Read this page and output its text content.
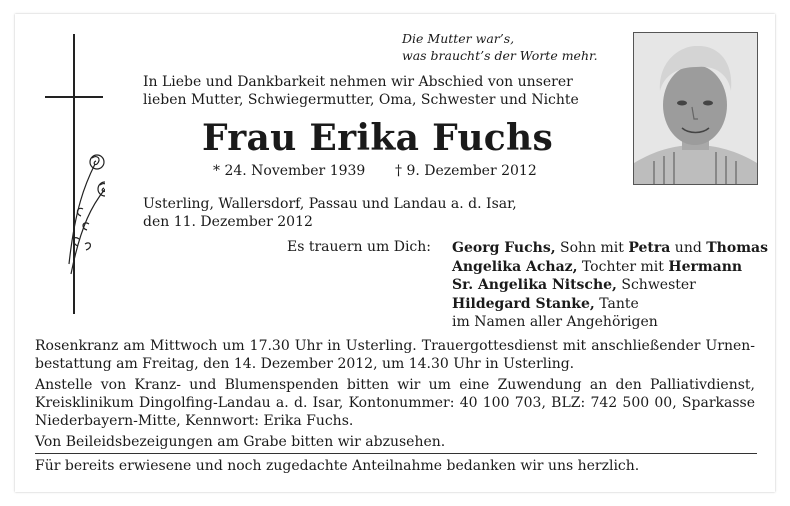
Die Mutter war’s,
was braucht’s der Worte mehr.
In Liebe und Dankbarkeit nehmen wir Abschied von unserer
lieben Mutter, Schwiegermutter, Oma, Schwester und Nichte
Frau Erika Fuchs
* 24. November 1939 † 9. Dezember 2012
Usterling, Wallersdorf, Passau und Landau a. d. Isar,
den 11. Dezember 2012
Es trauern um Dich: Georg Fuchs, Sohn mit Petra und Thomas
Angelika Achaz, Tochter mit Hermann
Sr. Angelika Nitsche, Schwester
Hildegard Stanke, Tante
im Namen aller Angehörigen

Rosenkranz am Mittwoch um 17.30 Uhr in Usterling. Trauergottesdienst mit anschließender Urnen-bestattung am Freitag, den 14. Dezember 2012, um 14.30 Uhr in Usterling.

Anstelle von Kranz- und Blumenspenden bitten wir um eine Zuwendung an den Palliativdienst, Kreisklinikum Dingolfing-Landau a. d. Isar, Kontonummer: 40 100 703, BLZ: 742 500 00, Sparkasse Niederbayern-Mitte, Kennwort: Erika Fuchs.

Von Beileidsbezeigungen am Grabe bitten wir abzusehen.

Für bereits erwiesene und noch zugedachte Anteilnahme bedanken wir uns herzlich.
